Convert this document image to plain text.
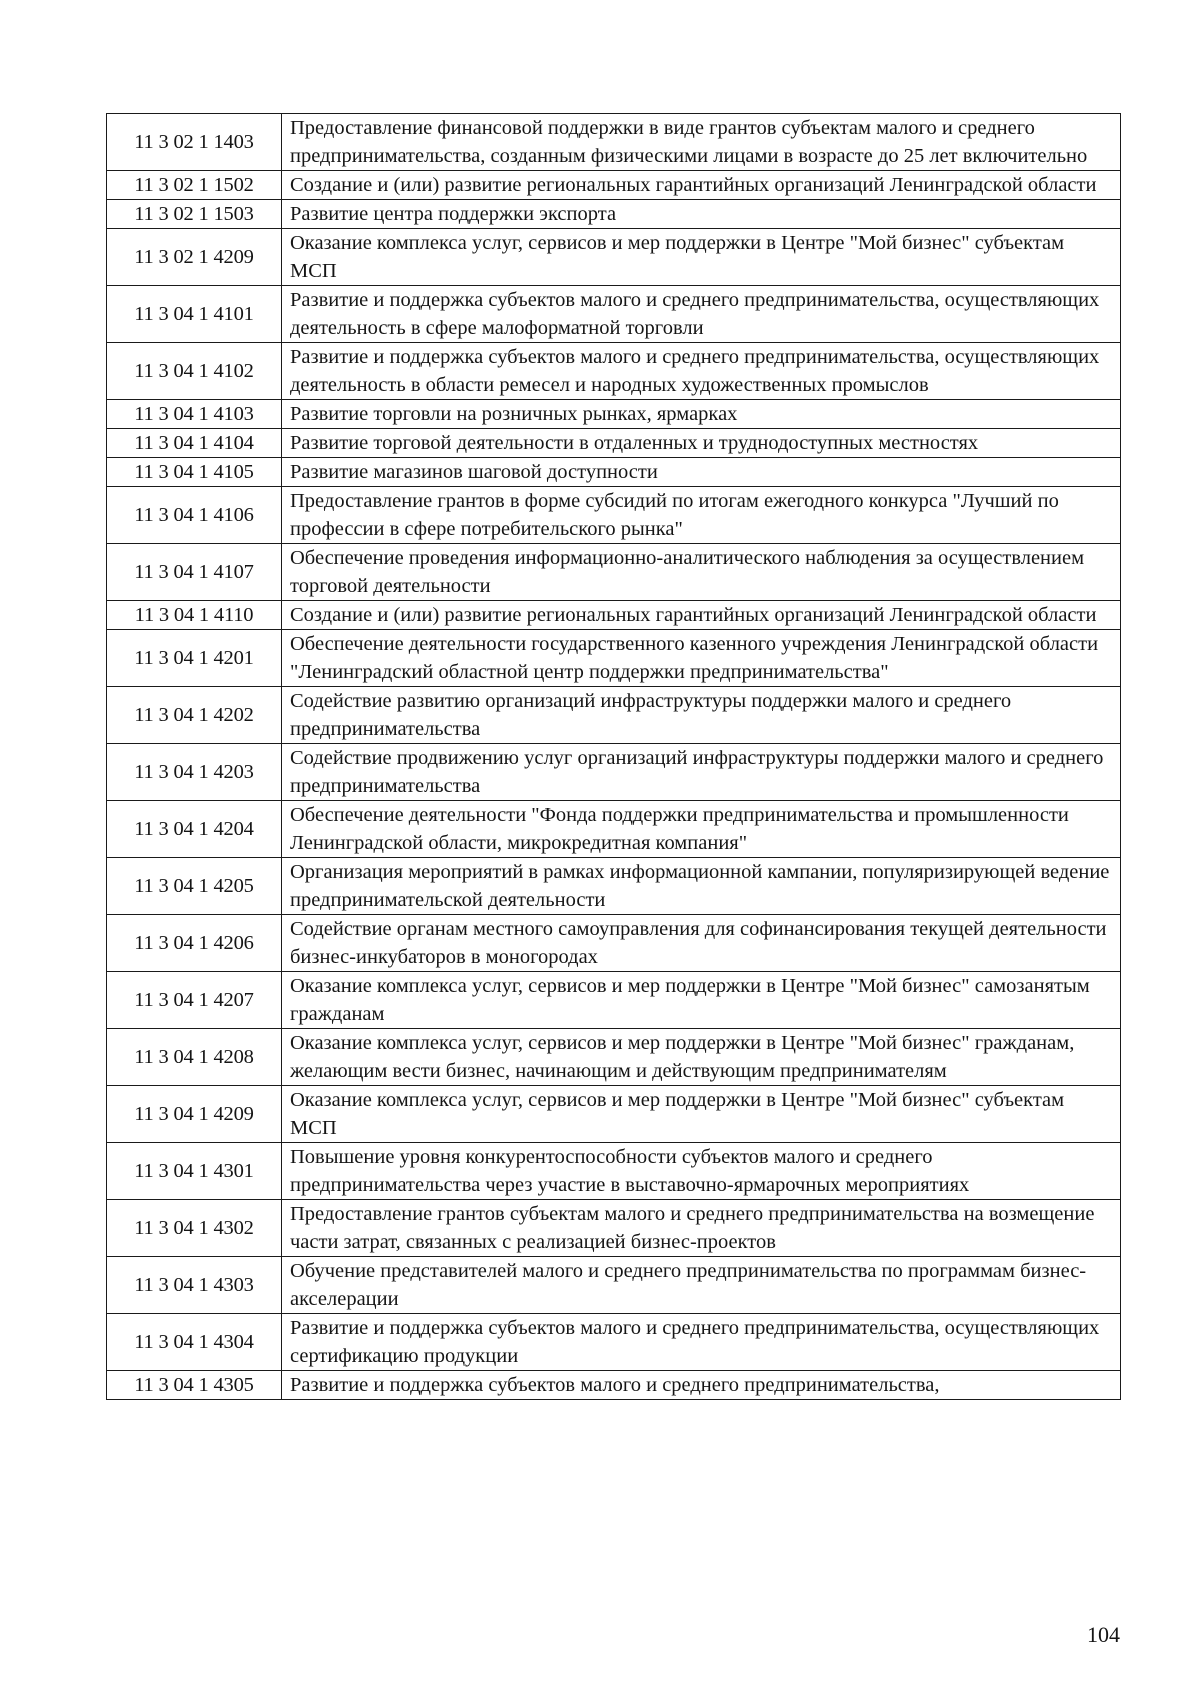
11 3 02 1 1403	Предоставление финансовой поддержки в виде грантов субъектам малого и среднего предпринимательства, созданным физическими лицами в возрасте до 25 лет включительно
11 3 02 1 1502	Создание и (или) развитие региональных гарантийных организаций Ленинградской области
11 3 02 1 1503	Развитие центра поддержки экспорта
11 3 02 1 4209	Оказание комплекса услуг, сервисов и мер поддержки в Центре "Мой бизнес" субъектам МСП
11 3 04 1 4101	Развитие и поддержка субъектов малого и среднего предпринимательства, осуществляющих деятельность в сфере малоформатной торговли
11 3 04 1 4102	Развитие и поддержка субъектов малого и среднего предпринимательства, осуществляющих деятельность в области ремесел и народных художественных промыслов
11 3 04 1 4103	Развитие торговли на розничных рынках, ярмарках
11 3 04 1 4104	Развитие торговой деятельности в отдаленных и труднодоступных местностях
11 3 04 1 4105	Развитие магазинов шаговой доступности
11 3 04 1 4106	Предоставление грантов в форме субсидий по итогам ежегодного конкурса "Лучший по профессии в сфере потребительского рынка"
11 3 04 1 4107	Обеспечение проведения информационно-аналитического наблюдения за осуществлением торговой деятельности
11 3 04 1 4110	Создание и (или) развитие региональных гарантийных организаций Ленинградской области
11 3 04 1 4201	Обеспечение деятельности государственного казенного учреждения Ленинградской области "Ленинградский областной центр поддержки предпринимательства"
11 3 04 1 4202	Содействие развитию организаций инфраструктуры поддержки малого и среднего предпринимательства
11 3 04 1 4203	Содействие продвижению услуг организаций инфраструктуры поддержки малого и среднего предпринимательства
11 3 04 1 4204	Обеспечение деятельности "Фонда поддержки предпринимательства и промышленности Ленинградской области, микрокредитная компания"
11 3 04 1 4205	Организация мероприятий в рамках информационной кампании, популяризирующей ведение предпринимательской деятельности
11 3 04 1 4206	Содействие органам местного самоуправления для софинансирования текущей деятельности бизнес-инкубаторов в моногородах
11 3 04 1 4207	Оказание комплекса услуг, сервисов и мер поддержки в Центре "Мой бизнес" самозанятым гражданам
11 3 04 1 4208	Оказание комплекса услуг, сервисов и мер поддержки в Центре "Мой бизнес" гражданам, желающим вести бизнес, начинающим и действующим предпринимателям
11 3 04 1 4209	Оказание комплекса услуг, сервисов и мер поддержки в Центре "Мой бизнес" субъектам МСП
11 3 04 1 4301	Повышение уровня конкурентоспособности субъектов малого и среднего предпринимательства через участие в выставочно-ярмарочных мероприятиях
11 3 04 1 4302	Предоставление грантов субъектам малого и среднего предпринимательства на возмещение части затрат, связанных с реализацией бизнес-проектов
11 3 04 1 4303	Обучение представителей малого и среднего предпринимательства по программам бизнес-акселерации
11 3 04 1 4304	Развитие и поддержка субъектов малого и среднего предпринимательства, осуществляющих сертификацию продукции
11 3 04 1 4305	Развитие и поддержка субъектов малого и среднего предпринимательства,
104
